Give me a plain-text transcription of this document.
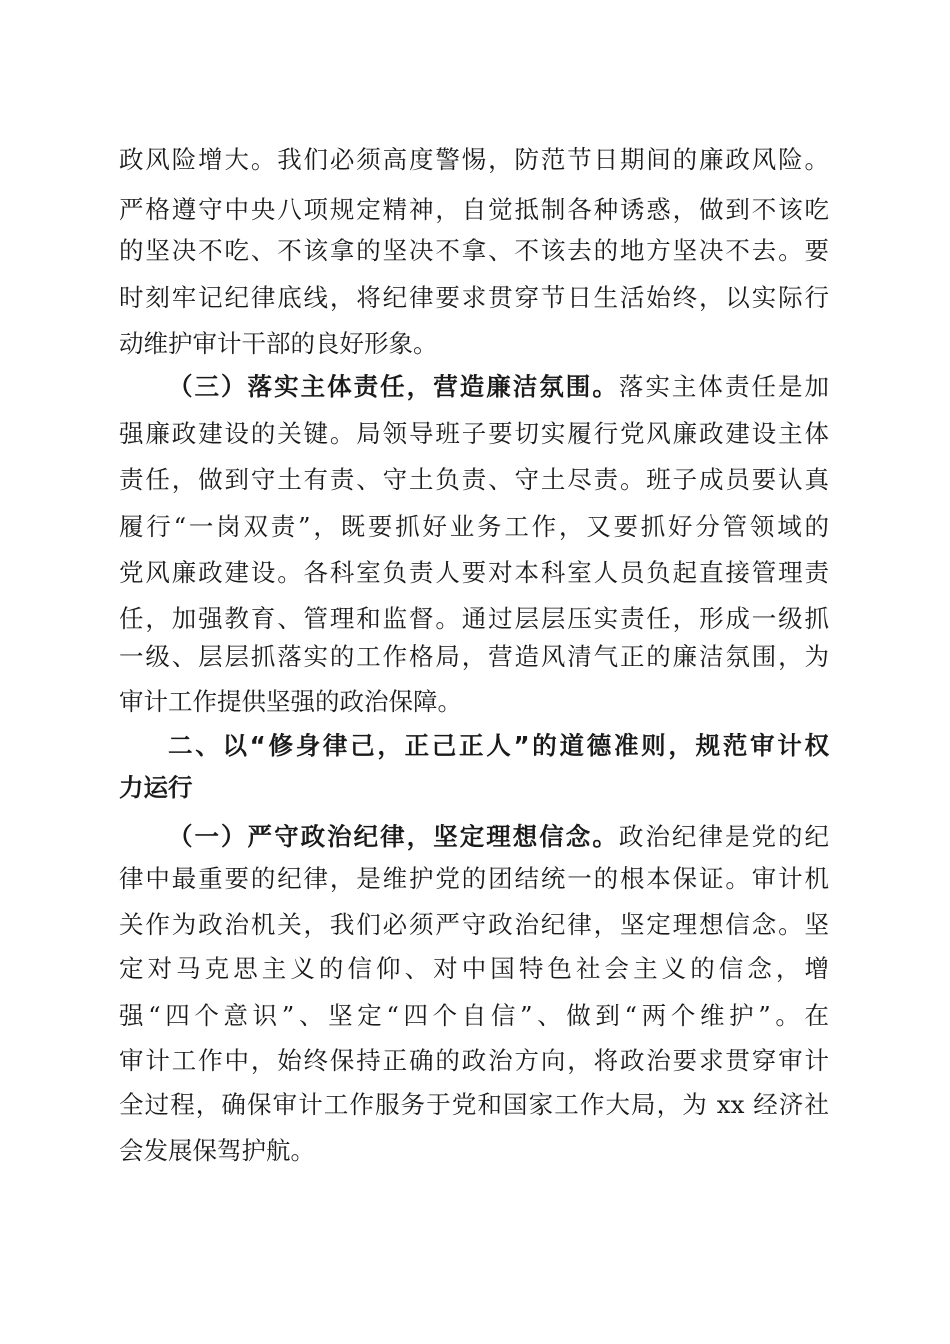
政风险增大。我们必须高度警惕，防范节日期间的廉政风险。
严格遵守中央八项规定精神，自觉抵制各种诱惑，做到不该吃
的坚决不吃、不该拿的坚决不拿、不该去的地方坚决不去。要
时刻牢记纪律底线，将纪律要求贯穿节日生活始终，以实际行
动维护审计干部的良好形象。
（三）落实主体责任，营造廉洁氛围。落实主体责任是加
强廉政建设的关键。局领导班子要切实履行党风廉政建设主体
责任，做到守土有责、守土负责、守土尽责。班子成员要认真
履行“一岗双责”，既要抓好业务工作，又要抓好分管领域的
党风廉政建设。各科室负责人要对本科室人员负起直接管理责
任，加强教育、管理和监督。通过层层压实责任，形成一级抓
一级、层层抓落实的工作格局，营造风清气正的廉洁氛围，为
审计工作提供坚强的政治保障。
二、以“修身律己，正己正人”的道德准则，规范审计权
力运行
（一）严守政治纪律，坚定理想信念。政治纪律是党的纪
律中最重要的纪律，是维护党的团结统一的根本保证。审计机
关作为政治机关，我们必须严守政治纪律，坚定理想信念。坚
定对马克思主义的信仰、对中国特色社会主义的信念，增
强“四个意识”、坚定“四个自信”、做到“两个维护”。在
审计工作中，始终保持正确的政治方向，将政治要求贯穿审计
全过程，确保审计工作服务于党和国家工作大局，为 xx 经济社
会发展保驾护航。
